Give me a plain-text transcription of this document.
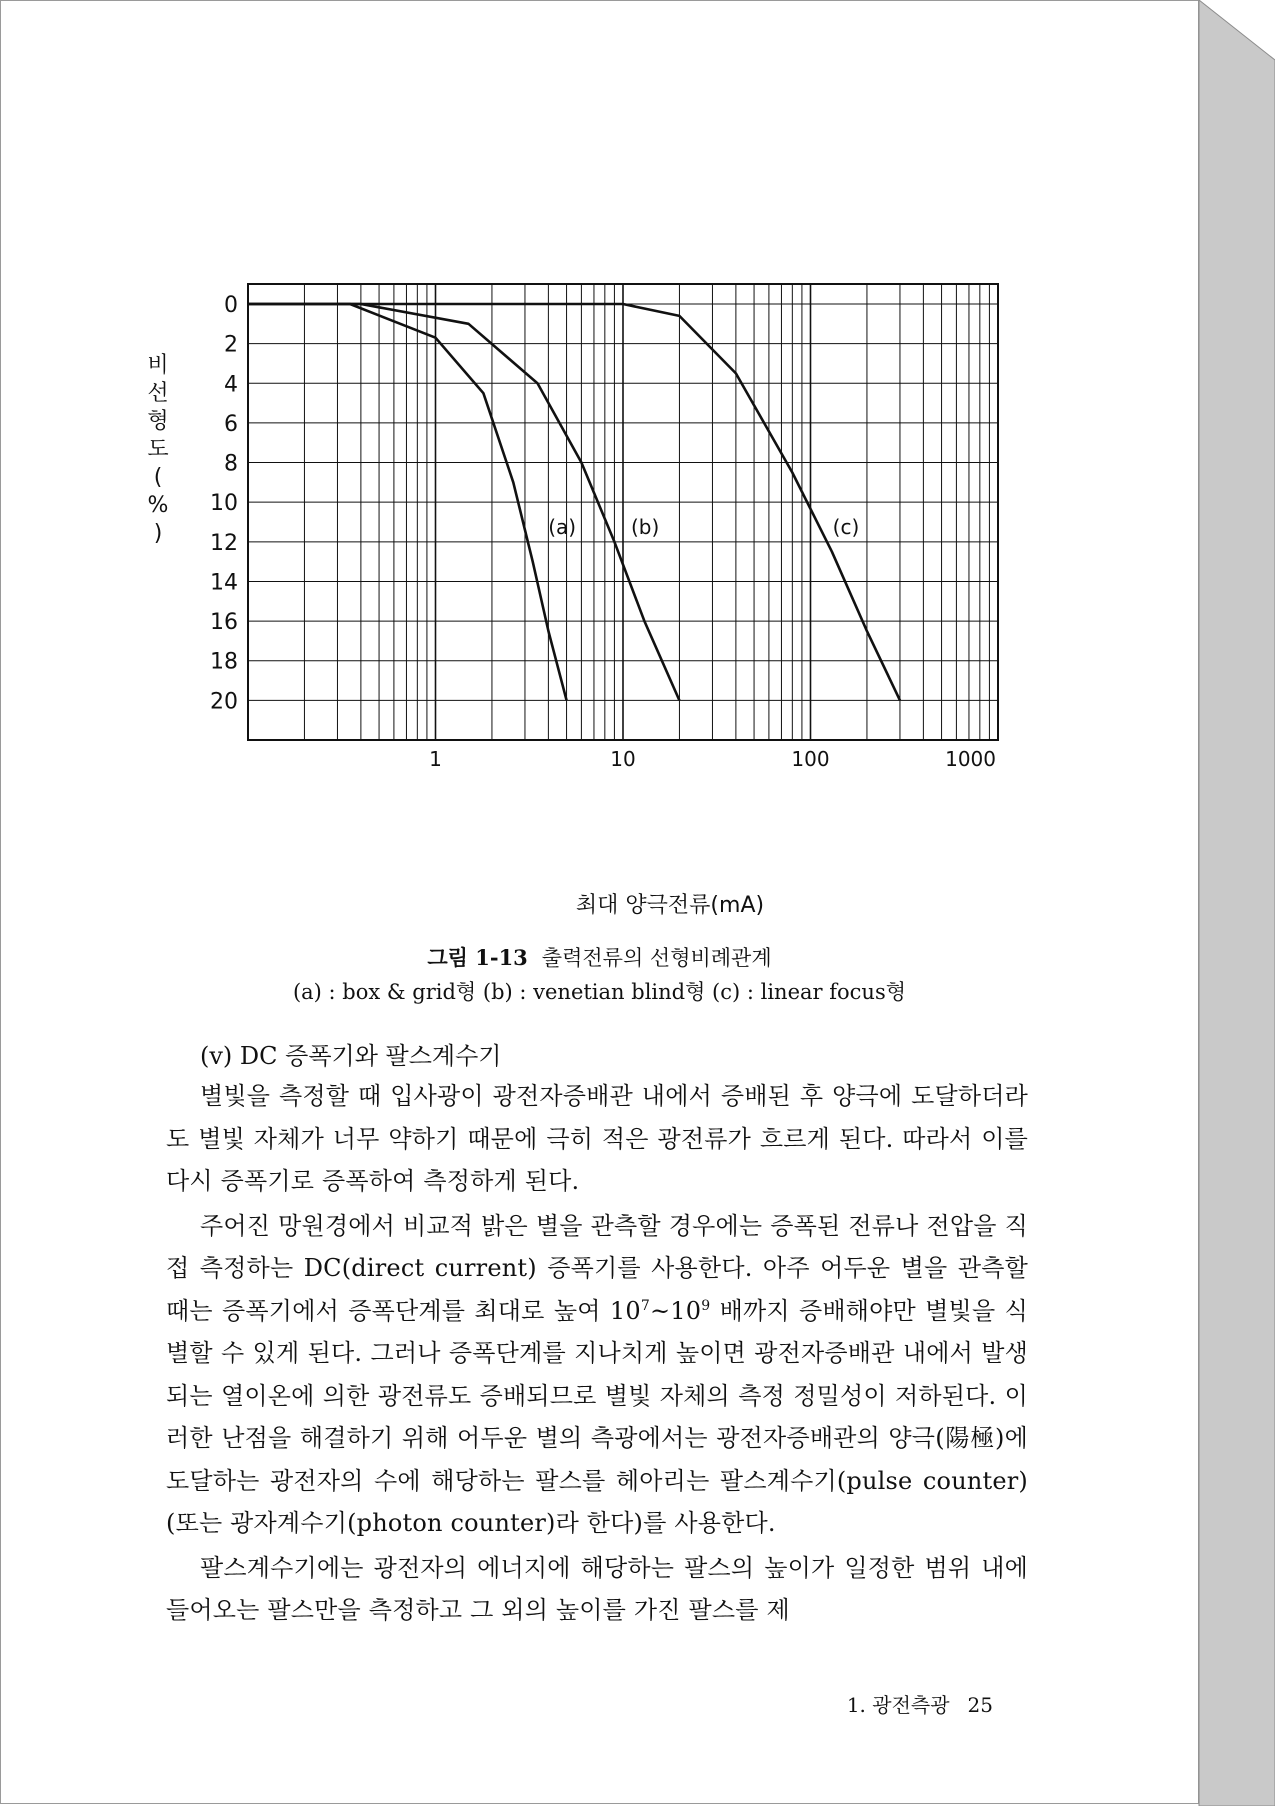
0
2
4
6
8
10
12
14
16
18
20
1	10	100	1000
(a)	(b)	(c)
비
선
형
도
(
%
)
최대 양극전류(mA)
그림 1-13 출력전류의 선형비례관계
(a) : box & grid형 (b) : venetian blind형 (c) : linear focus형
(v) DC 증폭기와 팔스계수기

별빛을 측정할 때 입사광이 광전자증배관 내에서 증배된 후 양극에 도달하더라도 별빛 자체가 너무 약하기 때문에 극히 적은 광전류가 흐르게 된다. 따라서 이를 다시 증폭기로 증폭하여 측정하게 된다.

주어진 망원경에서 비교적 밝은 별을 관측할 경우에는 증폭된 전류나 전압을 직접 측정하는 DC(direct current) 증폭기를 사용한다. 아주 어두운 별을 관측할 때는 증폭기에서 증폭단계를 최대로 높여 $10^7\sim 10^9$ 배까지 증배해야만 별빛을 식별할 수 있게 된다. 그러나 증폭단계를 지나치게 높이면 광전자증배관 내에서 발생되는 열이온에 의한 광전류도 증배되므로 별빛 자체의 측정 정밀성이 저하된다. 이러한 난점을 해결하기 위해 어두운 별의 측광에서는 광전자증배관의 양극(陽極)에 도달하는 광전자의 수에 해당하는 팔스를 헤아리는 팔스계수기(pulse counter)(또는 광자계수기(photon counter)라 한다)를 사용한다.

팔스계수기에는 광전자의 에너지에 해당하는 팔스의 높이가 일정한 범위 내에 들어오는 팔스만을 측정하고 그 외의 높이를 가진 팔스를 제

1. 광전측광 25
